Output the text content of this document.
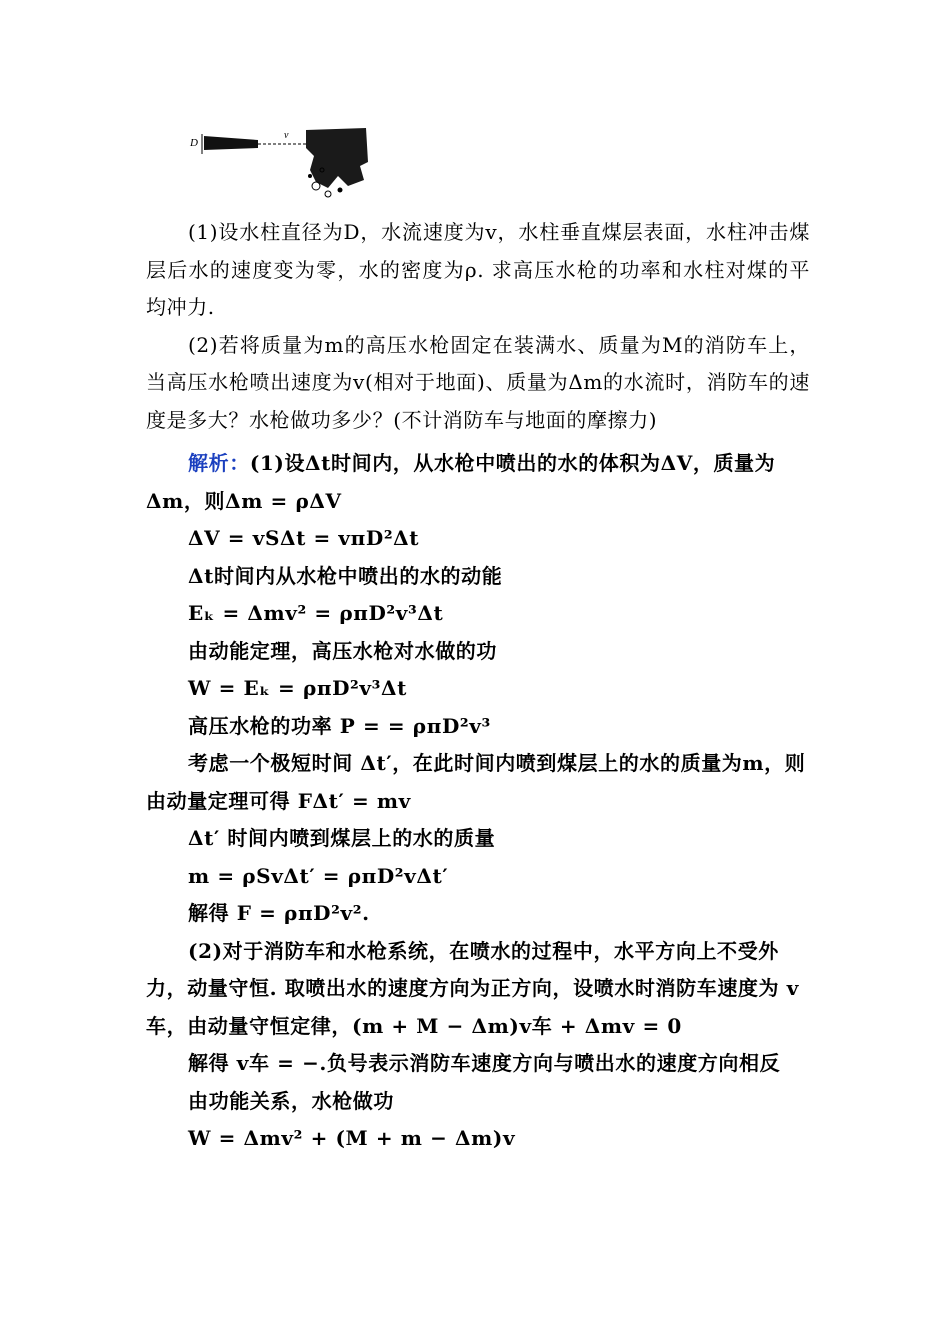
D
v

(1)设水柱直径为D，水流速度为v，水柱垂直煤层表面，水柱冲击煤层后水的速度变为零，水的密度为ρ. 求高压水枪的功率和水柱对煤的平均冲力.

(2)若将质量为m的高压水枪固定在装满水、质量为M的消防车上，当高压水枪喷出速度为v(相对于地面)、质量为Δm的水流时，消防车的速度是多大？水枪做功多少？(不计消防车与地面的摩擦力)

解析：(1)设Δt时间内，从水枪中喷出的水的体积为ΔV，质量为Δm，则Δm = ρΔV

ΔV = vSΔt = vπD²Δt

Δt时间内从水枪中喷出的水的动能

Eₖ = Δmv² = ρπD²v³Δt

由动能定理，高压水枪对水做的功

W = Eₖ = ρπD²v³Δt

高压水枪的功率 P = = ρπD²v³

考虑一个极短时间 Δt′，在此时间内喷到煤层上的水的质量为m，则由动量定理可得 FΔt′ = mv

Δt′ 时间内喷到煤层上的水的质量

m = ρSvΔt′ = ρπD²vΔt′

解得 F = ρπD²v².

(2)对于消防车和水枪系统，在喷水的过程中，水平方向上不受外力，动量守恒. 取喷出水的速度方向为正方向，设喷水时消防车速度为 v车，由动量守恒定律，(m + M − Δm)v车 + Δmv = 0

解得 v车 = −.负号表示消防车速度方向与喷出水的速度方向相反

由功能关系，水枪做功

W = Δmv² + (M + m − Δm)v
